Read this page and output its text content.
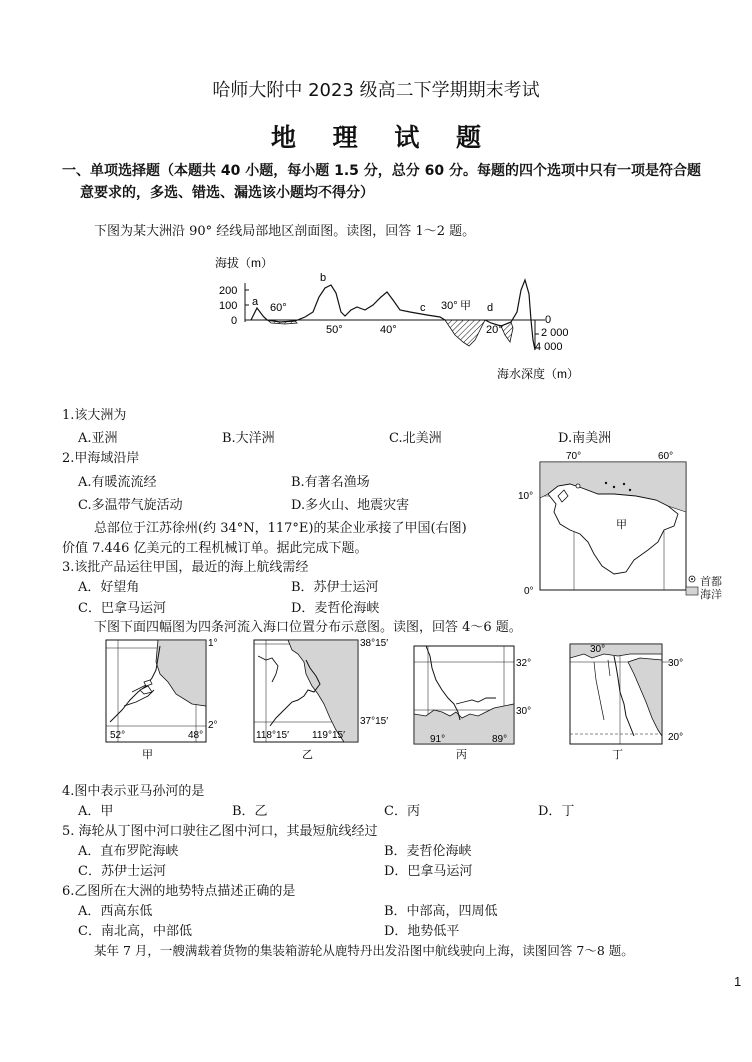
哈师大附中 2023 级高二下学期期末考试
地 理 试 题
一、单项选择题（本题共 40 小题，每小题 1.5 分，总分 60 分。每题的四个选项中只有一项是符合题
意要求的，多选、错选、漏选该小题均不得分）
下图为某大洲沿 90° 经线局部地区剖面图。读图，回答 1～2 题。
海拔（m）
200
100
0	0
2 000
4 000
海水深度（m）
60°
50°	40°
30°
20°
a
b
c	甲 d
1.该大洲为
A.亚洲	B.大洋洲	C.北美洲	D.南美洲
2.甲海域沿岸
A.有暖流流经	B.有著名渔场
C.多温带气旋活动	D.多火山、地震灾害
总部位于江苏徐州(约 34°N，117°E)的某企业承接了甲国(右图)
价值 7.446 亿美元的工程机械订单。据此完成下题。
3.该批产品运往甲国，最近的海上航线需经
A．好望角	B．苏伊士运河
C．巴拿马运河	D．麦哲伦海峡
70°	60°
10°
0°
甲
首都
海洋
下图下面四幅图为四条河流入海口位置分布示意图。读图，回答 4～6 题。
1°
2°
52°	48°
甲
38°15′
37°15′
118°15′ 119°15′
乙
32°
30°
91°	89°
丙
30°
30°
20°
丁
4.图中表示亚马孙河的是
A．甲	B．乙	C．丙	D．丁
5. 海轮从丁图中河口驶往乙图中河口，其最短航线经过
A．直布罗陀海峡	B．麦哲伦海峡
C．苏伊士运河	D．巴拿马运河
6.乙图所在大洲的地势特点描述正确的是
A．西高东低	B．中部高，四周低
C．南北高，中部低	D．地势低平
某年 7 月，一艘满载着货物的集装箱游轮从鹿特丹出发沿图中航线驶向上海，读图回答 7～8 题。
1
